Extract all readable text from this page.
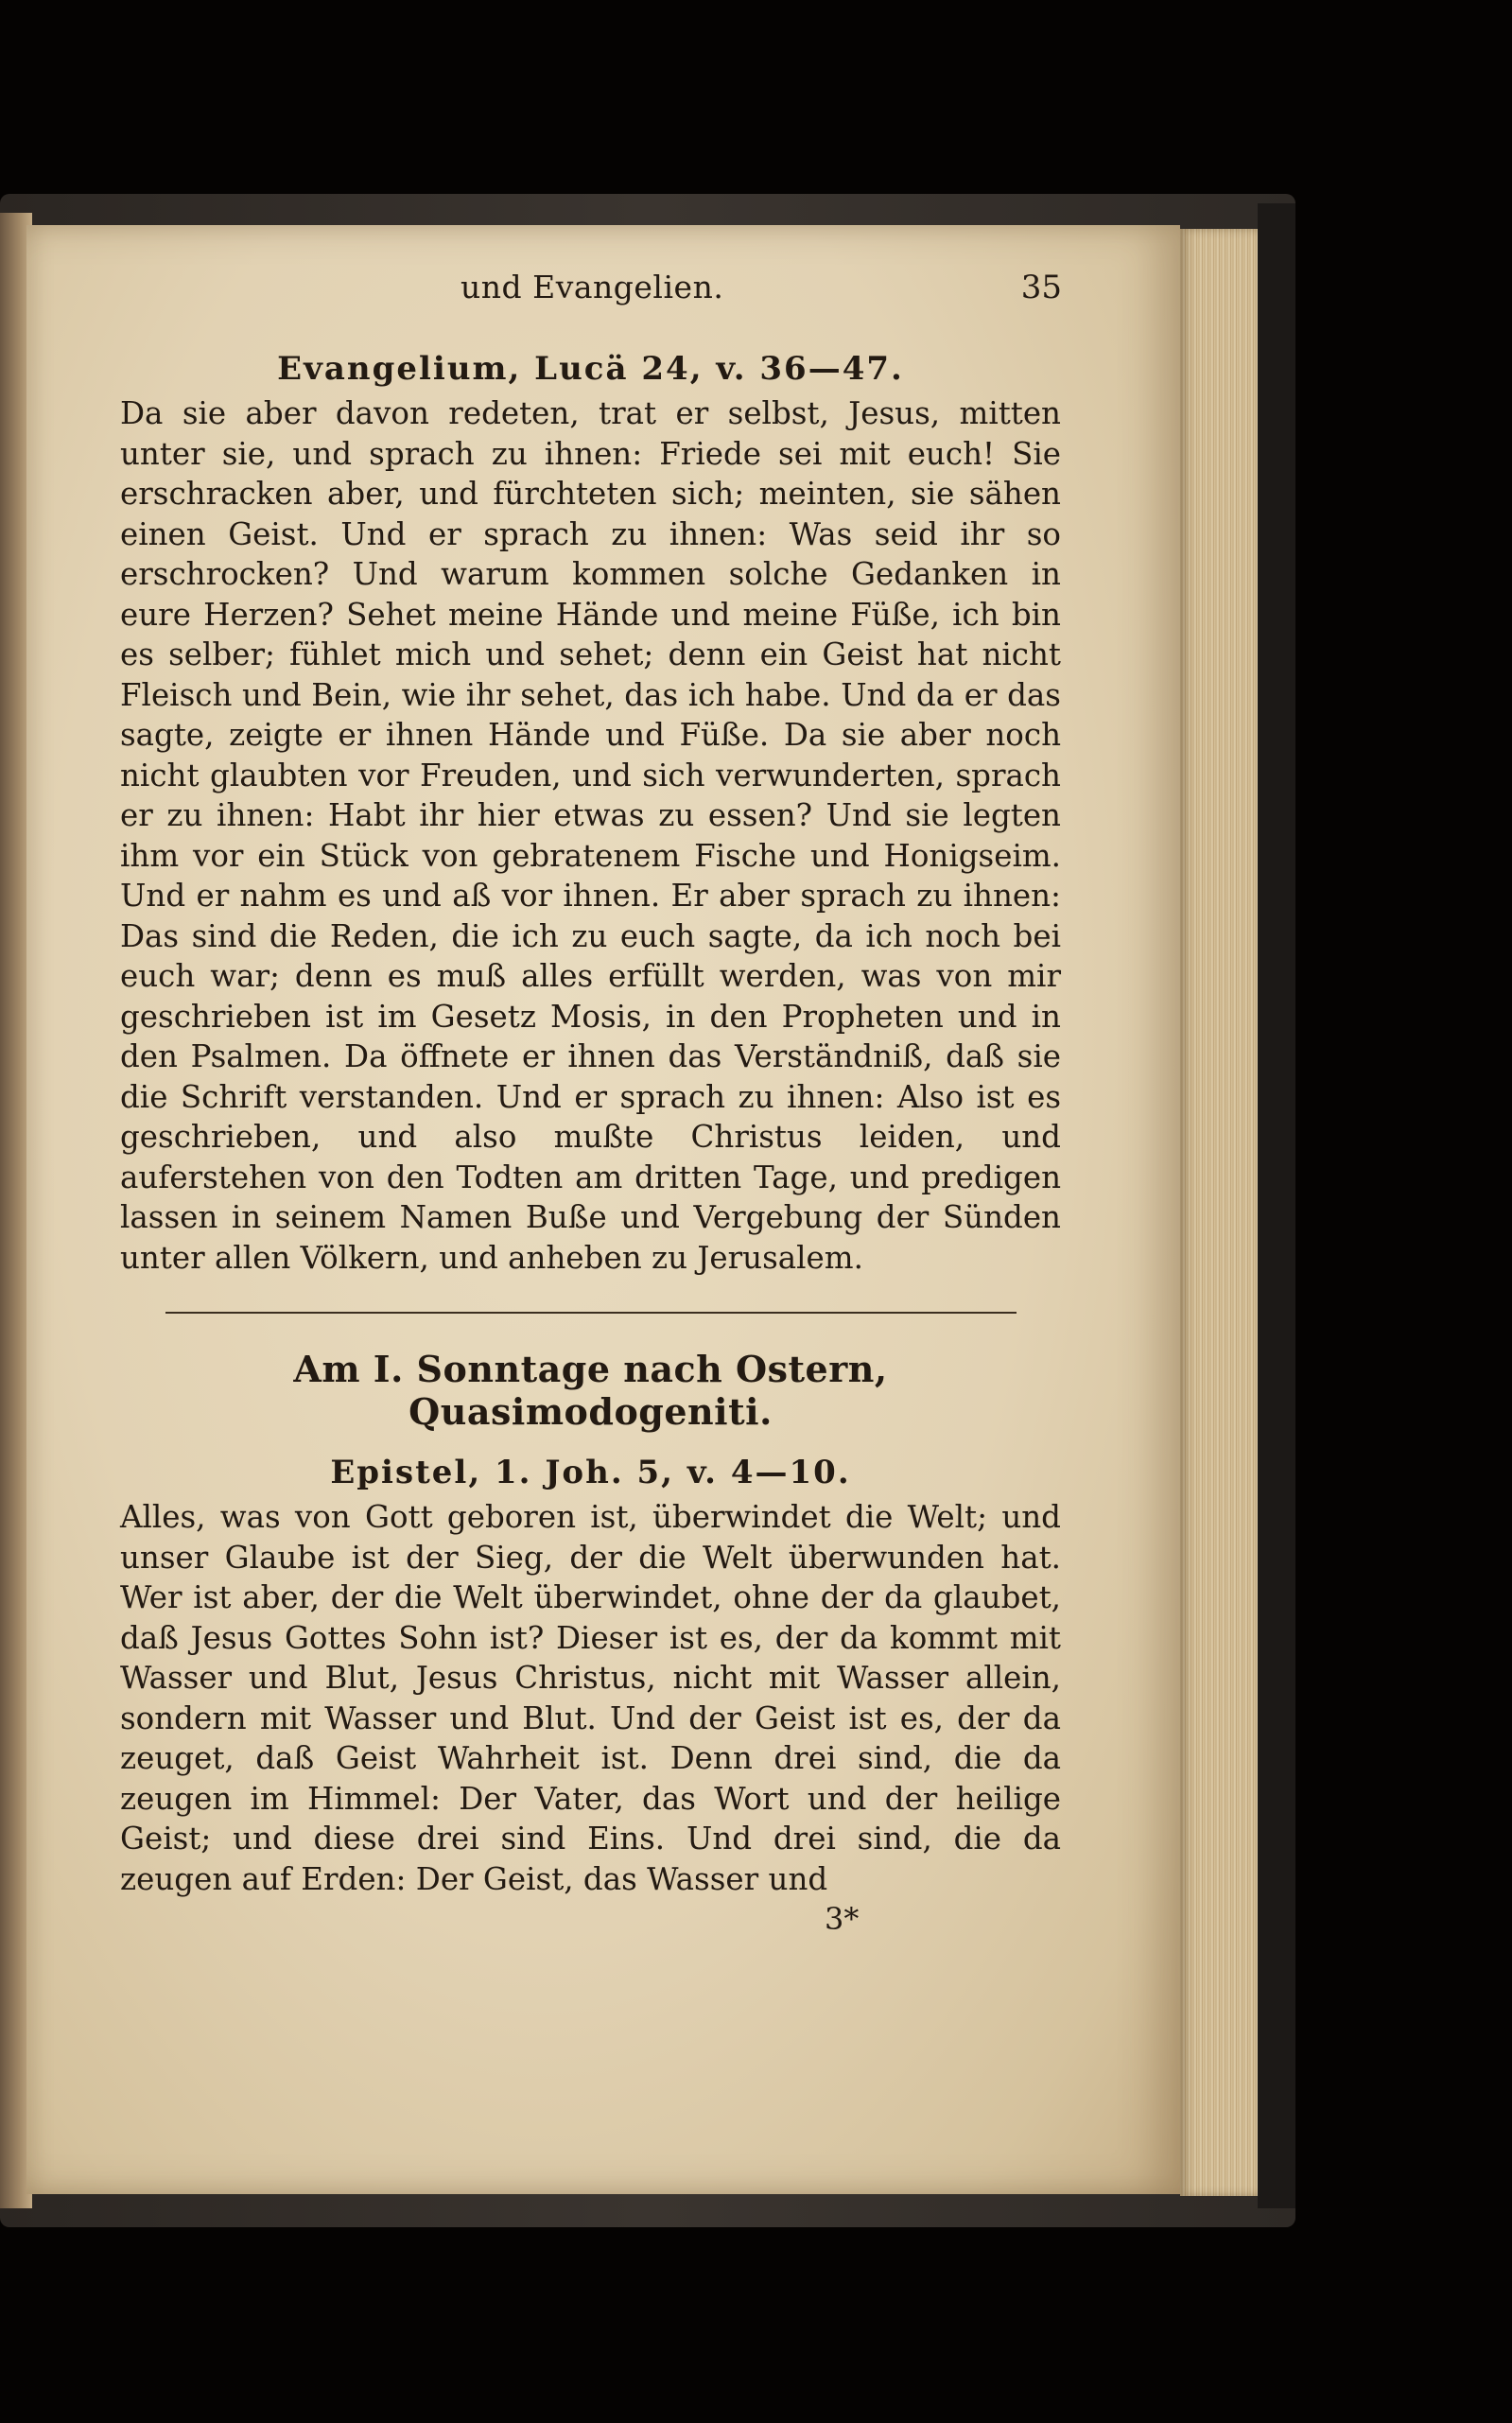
und Evangelien.	35
Evangelium, Lucä 24, v. 36—47.

Da sie aber davon redeten, trat er selbst, Jesus, mitten unter sie, und sprach zu ihnen: Friede sei mit euch! Sie erschracken aber, und fürchteten sich; meinten, sie sähen einen Geist. Und er sprach zu ihnen: Was seid ihr so erschrocken? Und warum kommen solche Gedanken in eure Herzen? Sehet meine Hände und meine Füße, ich bin es selber; fühlet mich und sehet; denn ein Geist hat nicht Fleisch und Bein, wie ihr sehet, das ich habe. Und da er das sagte, zeigte er ihnen Hände und Füße. Da sie aber noch nicht glaubten vor Freuden, und sich verwunderten, sprach er zu ihnen: Habt ihr hier etwas zu essen? Und sie legten ihm vor ein Stück von gebratenem Fische und Honigseim. Und er nahm es und aß vor ihnen. Er aber sprach zu ihnen: Das sind die Reden, die ich zu euch sagte, da ich noch bei euch war; denn es muß alles erfüllt werden, was von mir geschrieben ist im Gesetz Mosis, in den Propheten und in den Psalmen. Da öffnete er ihnen das Verständniß, daß sie die Schrift verstanden. Und er sprach zu ihnen: Also ist es geschrieben, und also mußte Christus leiden, und auferstehen von den Todten am dritten Tage, und predigen lassen in seinem Namen Buße und Vergebung der Sünden unter allen Völkern, und anheben zu Jerusalem.

Am I. Sonntage nach Ostern, Quasimodogeniti.
Epistel, 1. Joh. 5, v. 4—10.

Alles, was von Gott geboren ist, überwindet die Welt; und unser Glaube ist der Sieg, der die Welt überwunden hat. Wer ist aber, der die Welt überwindet, ohne der da glaubet, daß Jesus Gottes Sohn ist? Dieser ist es, der da kommt mit Wasser und Blut, Jesus Christus, nicht mit Wasser allein, sondern mit Wasser und Blut. Und der Geist ist es, der da zeuget, daß Geist Wahrheit ist. Denn drei sind, die da zeugen im Himmel: Der Vater, das Wort und der heilige Geist; und diese drei sind Eins. Und drei sind, die da zeugen auf Erden: Der Geist, das Wasser und

3*
